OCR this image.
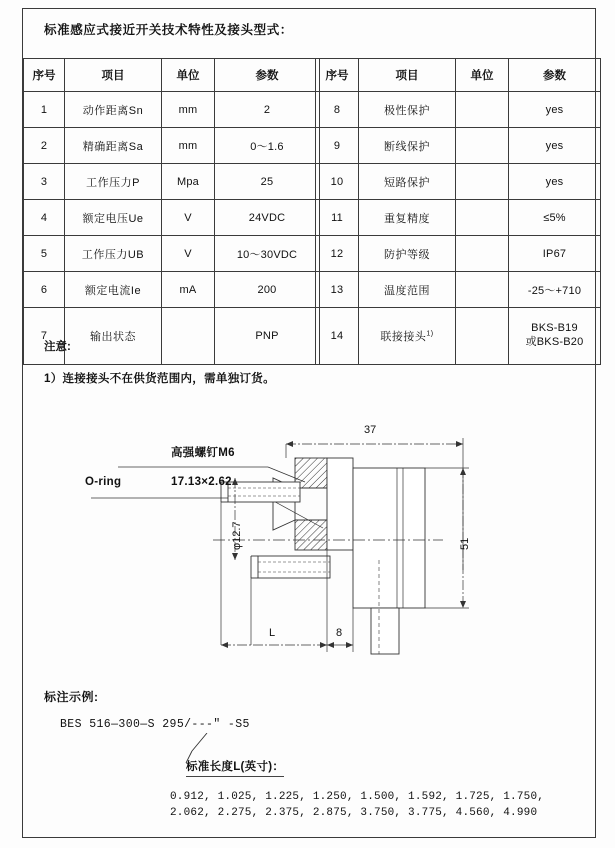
标准感应式接近开关技术特性及接头型式：
序号	项目	单位	参数
1	动作距离Sn	mm	2
2	精确距离Sa	mm	0～1.6
3	工作压力P	Mpa	25
4	额定电压Ue	V	24VDC
5	工作压力UB	V	10～30VDC
6	额定电流Ie	mA	200
7	输出状态		PNP
序号	项目	单位	参数
8	极性保护		yes
9	断线保护		yes
10	短路保护		yes
11	重复精度		≤5%
12	防护等级		IP67
13	温度范围		-25～+710
14	联接接头$^{1)}$		BKS-B19
或BKS-B20
注意:
1）连接接头不在供货范围内，需单独订货。
高强螺钉M6
O-ring	17.13×2.62
37
φ12.7	51
L	8
标注示例:
BES 516—300—S 295/---" -S5
标准长度L(英寸)：
0.912, 1.025, 1.225, 1.250, 1.500, 1.592, 1.725, 1.750,
2.062, 2.275, 2.375, 2.875, 3.750, 3.775, 4.560, 4.990
